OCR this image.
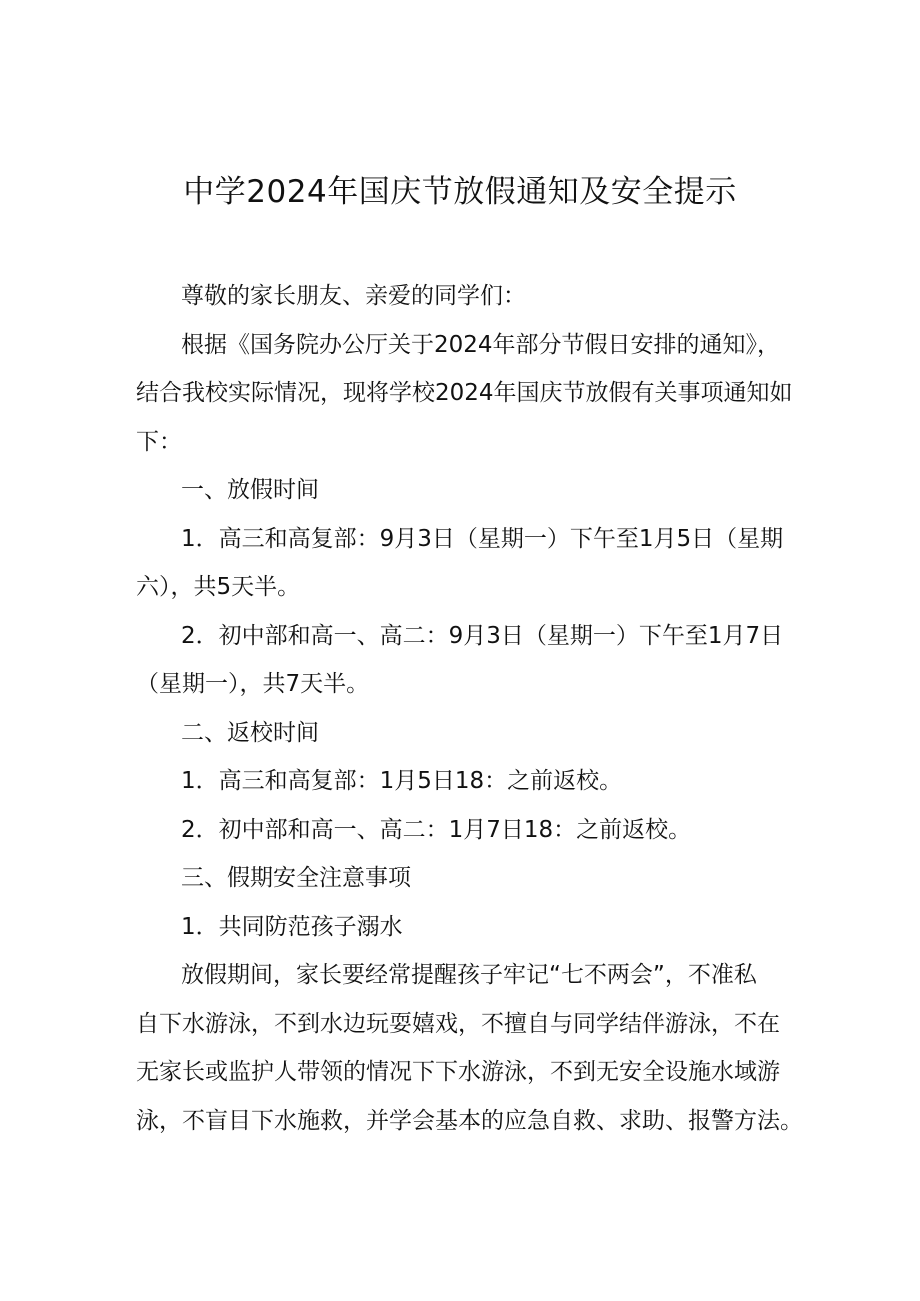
中学2024年国庆节放假通知及安全提示
尊敬的家长朋友、亲爱的同学们：
根据《国务院办公厅关于2024年部分节假日安排的通知》，
结合我校实际情况，现将学校2024年国庆节放假有关事项通知如
下：
一、放假时间
1．高三和高复部：9月3日（星期一）下午至1月5日（星期
六），共5天半。
2．初中部和高一、高二：9月3日（星期一）下午至1月7日
（星期一），共7天半。
二、返校时间
1．高三和高复部：1月5日18：之前返校。
2．初中部和高一、高二：1月7日18：之前返校。
三、假期安全注意事项
1．共同防范孩子溺水
放假期间，家长要经常提醒孩子牢记“七不两会”，不准私
自下水游泳，不到水边玩耍嬉戏，不擅自与同学结伴游泳，不在
无家长或监护人带领的情况下下水游泳，不到无安全设施水域游
泳，不盲目下水施救，并学会基本的应急自救、求助、报警方法。
